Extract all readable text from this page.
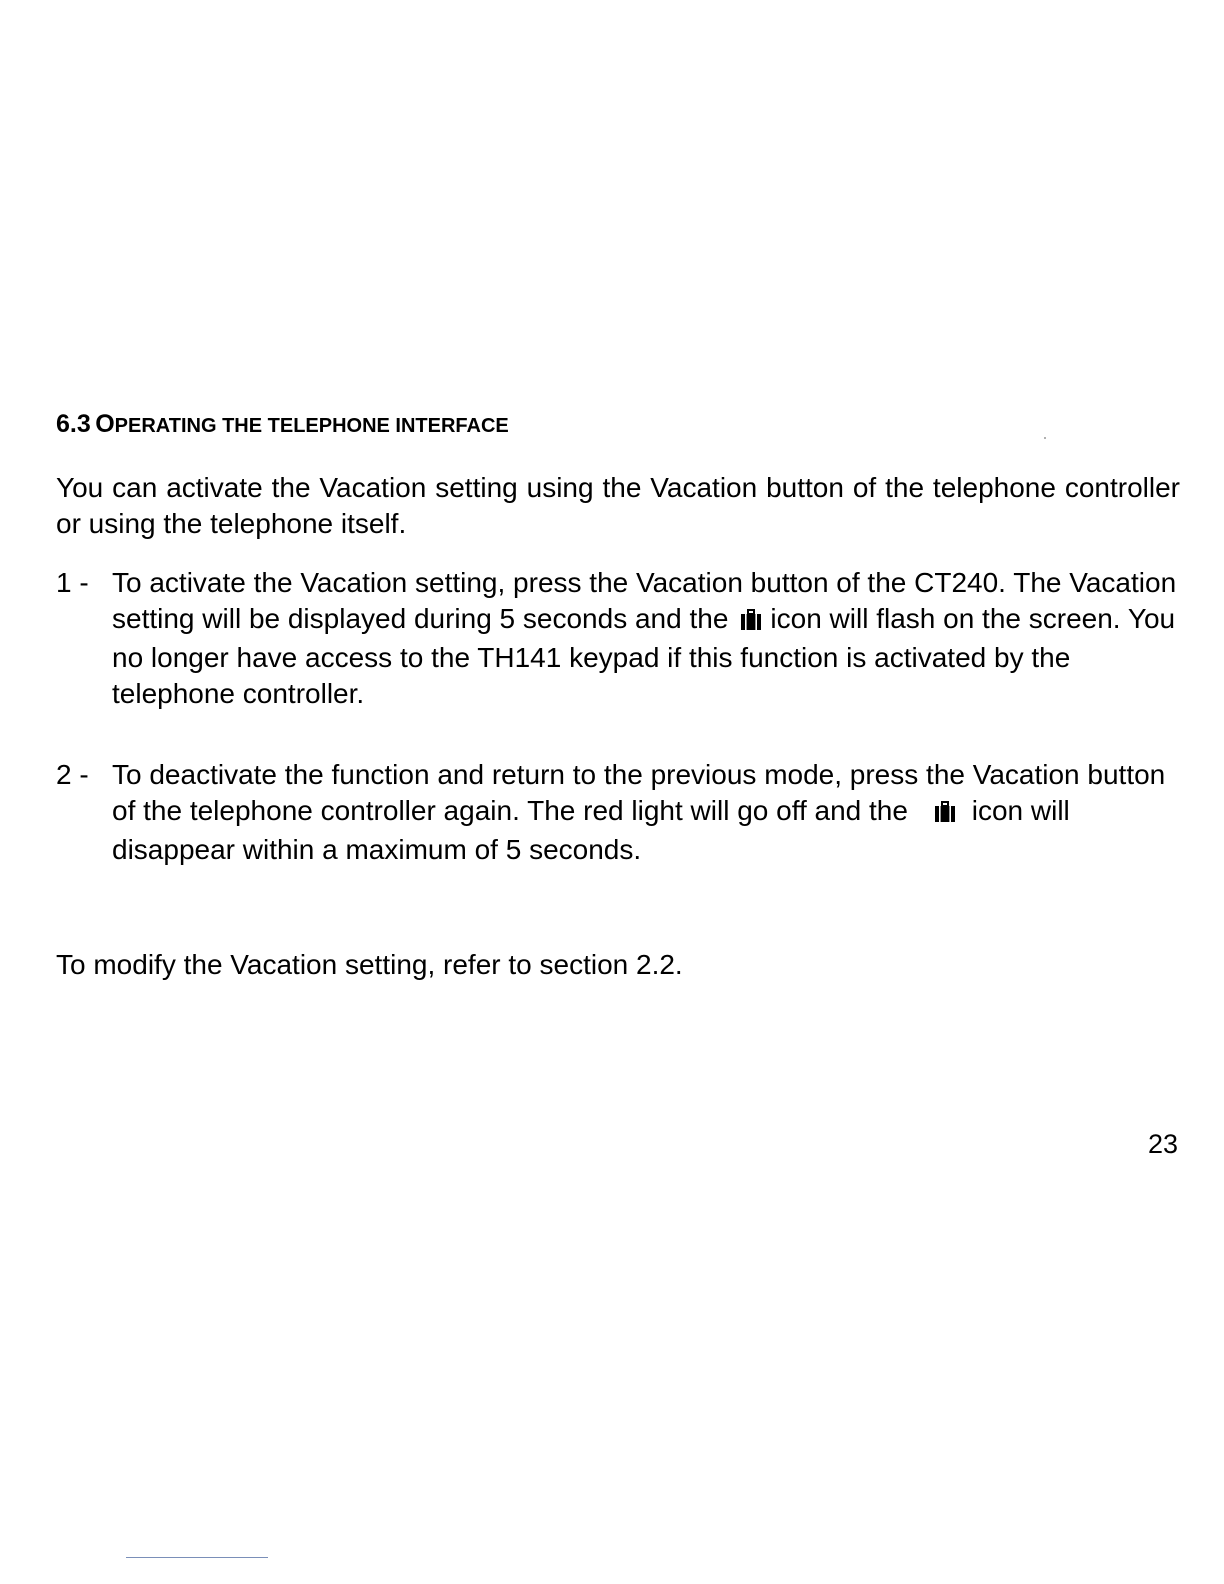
6.3 OPERATING THE TELEPHONE INTERFACE

You can activate the Vacation setting using the Vacation button of the telephone controller or using the telephone itself.

1 - To activate the Vacation setting, press the Vacation button of the CT240. The Vacation setting will be displayed during 5 seconds and the icon will flash on the screen. You no longer have access to the TH141 keypad if this function is activated by the telephone controller.
2 - To deactivate the function and return to the previous mode, press the Vacation button of the telephone controller again. The red light will go off and the icon will disappear within a maximum of 5 seconds.

To modify the Vacation setting, refer to section 2.2.

23
